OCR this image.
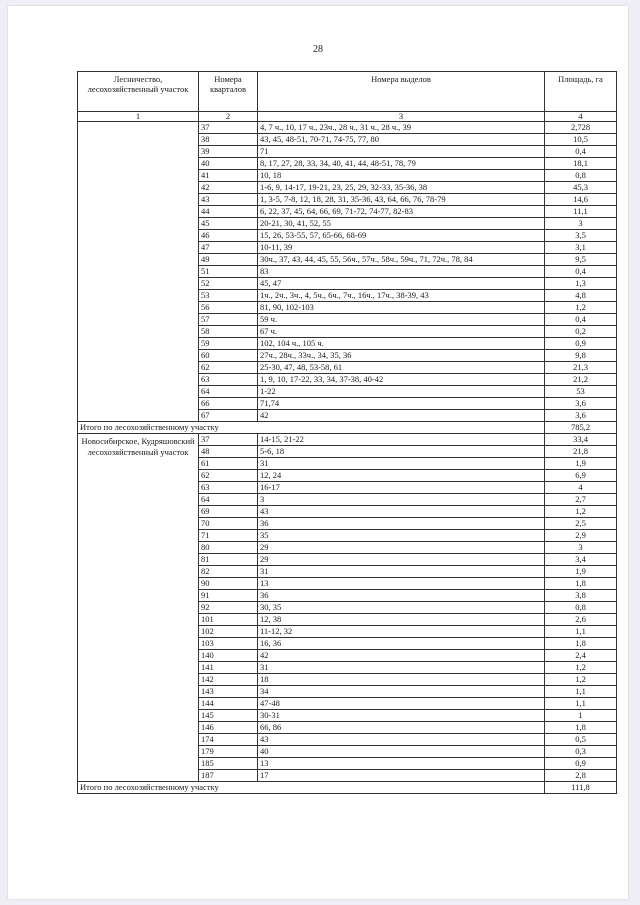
28
Лесничество, лесохозяйственный участок	Номера кварталов	Номера выделов	Площадь, га
1	2	3	4
	37	4, 7 ч., 10, 17 ч., 23ч., 28 ч., 31 ч., 28 ч., 39	2,728
	38	43, 45, 48-51, 70-71, 74-75, 77, 80	10,5
	39	71	0,4
	40	8, 17, 27, 28, 33, 34, 40, 41, 44, 48-51, 78, 79	18,1
	41	10, 18	0,8
	42	1-6, 9, 14-17, 19-21, 23, 25, 29, 32-33, 35-36, 38	45,3
	43	1, 3-5, 7-8, 12, 18, 28, 31, 35-36, 43, 64, 66, 76, 78-79	14,6
	44	6, 22, 37, 45, 64, 66, 69, 71-72, 74-77, 82-83	11,1
	45	20-21, 30, 41, 52, 55	3
	46	15, 26, 53-55, 57, 65-66, 68-69	3,5
	47	10-11, 39	3,1
	49	30ч., 37, 43, 44, 45, 55, 56ч., 57ч., 58ч., 59ч., 71, 72ч., 78, 84	9,5
	51	83	0,4
	52	45, 47	1,3
	53	1ч., 2ч., 3ч., 4, 5ч., 6ч., 7ч., 16ч., 17ч., 38-39, 43	4,8
	56	81, 90, 102-103	1,2
	57	59 ч.	0,4
	58	67 ч.	0,2
	59	102, 104 ч., 105 ч.	0,9
	60	27ч., 28ч., 33ч., 34, 35, 36	9,8
	62	25-30, 47, 48, 53-58, 61	21,3
	63	1, 9, 10, 17-22, 33, 34, 37-38, 40-42	21,2
	64	1-22	53
	66	71,74	3,6
	67	42	3,6
Итого по лесохозяйственному участку			785,2
Новосибирское, Кудряшовский лесохозяйственный участок	37	14-15, 21-22	33,4
	48	5-6, 18	21,8
	61	31	1,9
	62	12, 24	6,9
	63	16-17	4
	64	3	2,7
	69	43	1,2
	70	36	2,5
	71	35	2,9
	80	29	3
	81	29	3,4
	82	31	1,9
	90	13	1,8
	91	36	3,8
	92	30, 35	0,8
	101	12, 38	2,6
	102	11-12, 32	1,1
	103	16, 36	1,8
	140	42	2,4
	141	31	1,2
	142	18	1,2
	143	34	1,1
	144	47-48	1,1
	145	30-31	1
	146	66, 86	1,8
	174	43	0,5
	179	40	0,3
	185	13	0,9
	187	17	2,8
Итого по лесохозяйственному участку			111,8
